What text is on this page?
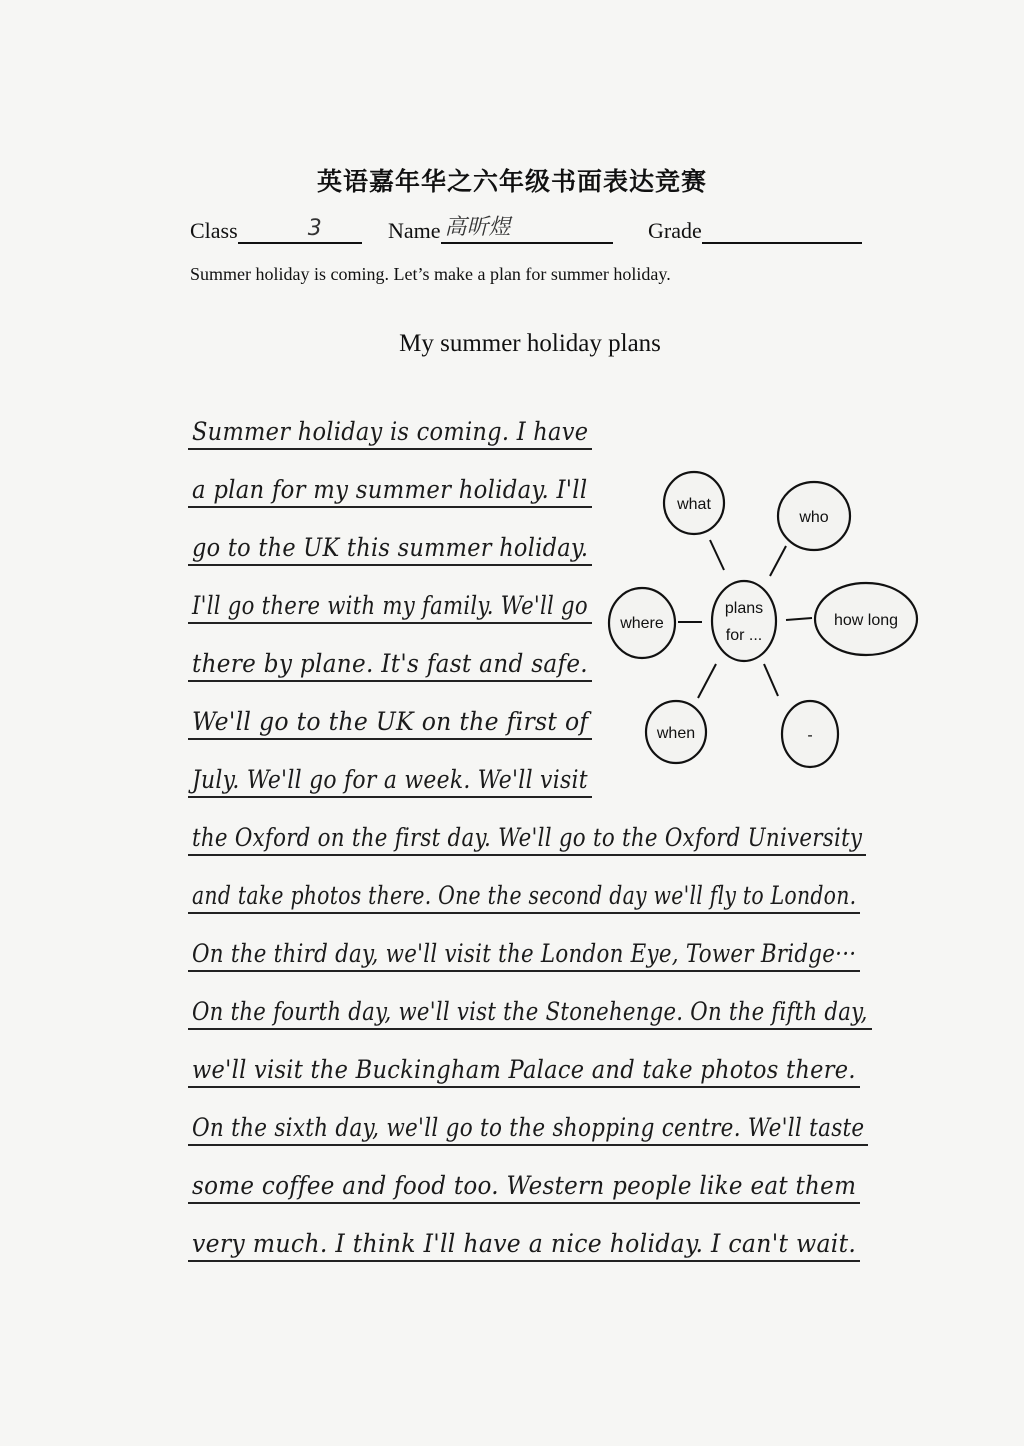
英语嘉年华之六年级书面表达竞赛
Class	3	Name 高昕煜	Grade
Summer holiday is coming. Let’s make a plan for summer holiday.
My summer holiday plans
Summer holiday is coming. I have
a plan for my summer holiday. I'll
go to the UK this summer holiday.
I'll go there with my family. We'll go
there by plane. It's fast and safe.
We'll go to the UK on the first of
July. We'll go for a week. We'll visit
the Oxford on the first day. We'll go to the Oxford University
and take photos there. One the second day we'll fly to London.
On the third day, we'll visit the London Eye, Tower Bridge···
On the fourth day, we'll vist the Stonehenge. On the fifth day,
we'll visit the Buckingham Palace and take photos there.
On the sixth day, we'll go to the shopping centre. We'll taste
some coffee and food too. Western people like eat them
very much. I think I'll have a nice holiday. I can't wait.
what
who
where
plans
for ...
how long
when	-
